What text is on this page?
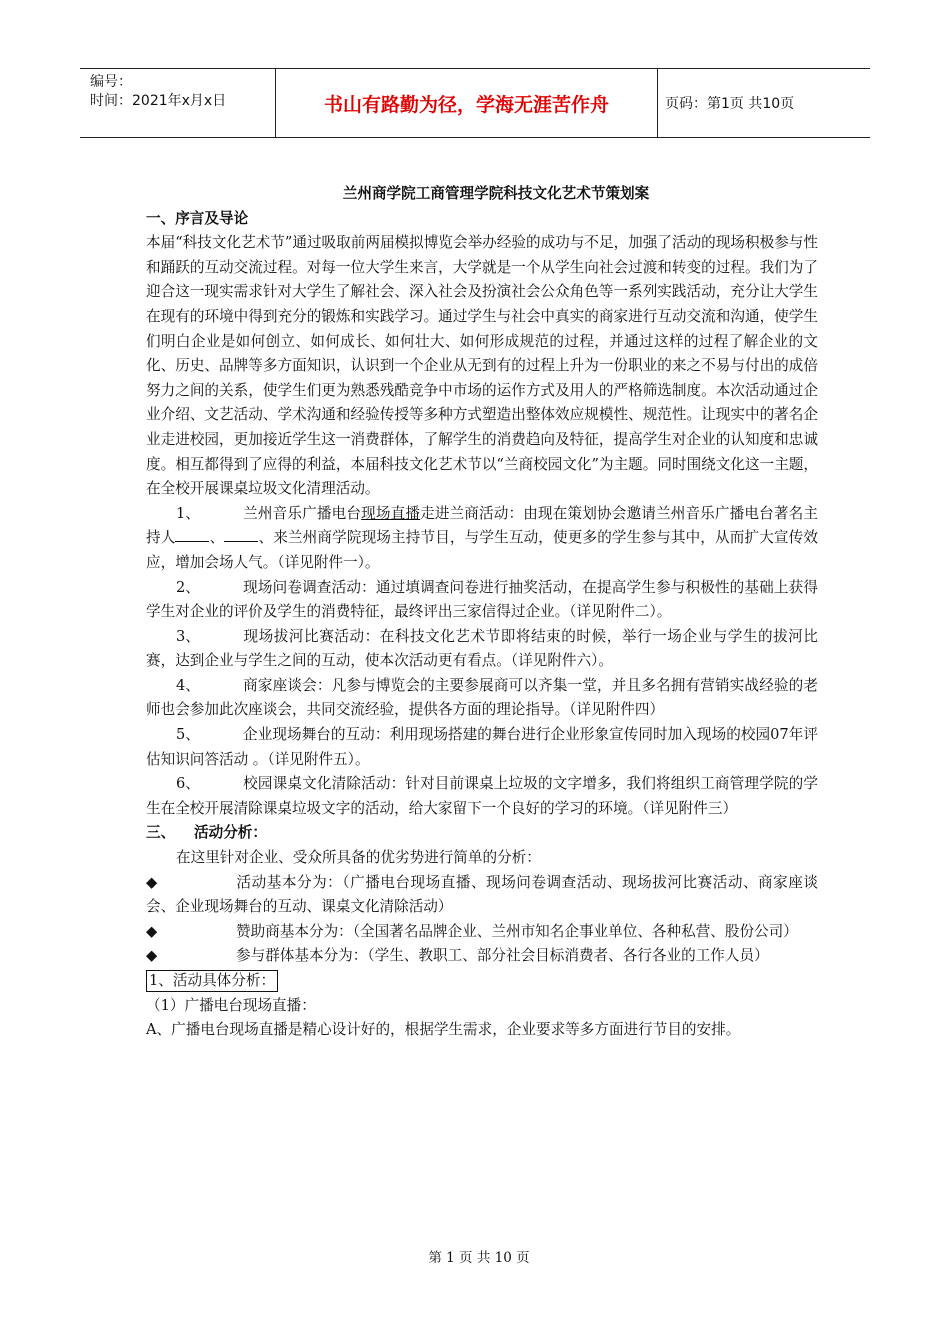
编号：
时间：2021年x月x日	书山有路勤为径，学海无涯苦作舟	页码：第1页 共10页
兰州商学院工商管理学院科技文化艺术节策划案
一、序言及导论

本届“科技文化艺术节”通过吸取前两届模拟博览会举办经验的成功与不足，加强了活动的现场积极参与性和踊跃的互动交流过程。对每一位大学生来言，大学就是一个从学生向社会过渡和转变的过程。我们为了迎合这一现实需求针对大学生了解社会、深入社会及扮演社会公众角色等一系列实践活动，充分让大学生在现有的环境中得到充分的锻炼和实践学习。通过学生与社会中真实的商家进行互动交流和沟通，使学生们明白企业是如何创立、如何成长、如何壮大、如何形成规范的过程，并通过这样的过程了解企业的文化、历史、品牌等多方面知识，认识到一个企业从无到有的过程上升为一份职业的来之不易与付出的成倍努力之间的关系，使学生们更为熟悉残酷竞争中市场的运作方式及用人的严格筛选制度。本次活动通过企业介绍、文艺活动、学术沟通和经验传授等多种方式塑造出整体效应规模性、规范性。让现实中的著名企业走进校园，更加接近学生这一消费群体，了解学生的消费趋向及特征，提高学生对企业的认知度和忠诚度。相互都得到了应得的利益，本届科技文化艺术节以“兰商校园文化”为主题。同时围绕文化这一主题，在全校开展课桌垃圾文化清理活动。

1、	兰州音乐广播电台现场直播走进兰商活动：由现在策划协会邀请兰州音乐广播电台著名主持人 、 、来兰州商学院现场主持节目，与学生互动，使更多的学生参与其中，从而扩大宣传效应，增加会场人气。（详见附件一）。

2、	现场问卷调查活动：通过填调查问卷进行抽奖活动，在提高学生参与积极性的基础上获得学生对企业的评价及学生的消费特征，最终评出三家信得过企业。（详见附件二）。

3、	现场拔河比赛活动：在科技文化艺术节即将结束的时候，举行一场企业与学生的拔河比赛，达到企业与学生之间的互动，使本次活动更有看点。（详见附件六）。

4、	商家座谈会：凡参与博览会的主要参展商可以齐集一堂，并且多名拥有营销实战经验的老师也会参加此次座谈会，共同交流经验，提供各方面的理论指导。（详见附件四）

5、	企业现场舞台的互动：利用现场搭建的舞台进行企业形象宣传同时加入现场的校园07年评估知识问答活动 。（详见附件五）。

6、	校园课桌文化清除活动：针对目前课桌上垃圾的文字增多，我们将组织工商管理学院的学生在全校开展清除课桌垃圾文字的活动，给大家留下一个良好的学习的环境。（详见附件三）

三、 活动分析：

在这里针对企业、受众所具备的优劣势进行简单的分析：

◆	活动基本分为：（广播电台现场直播、现场问卷调查活动、现场拔河比赛活动、商家座谈会、企业现场舞台的互动、课桌文化清除活动）

◆	赞助商基本分为：（全国著名品牌企业、兰州市知名企事业单位、各种私营、股份公司）

◆	参与群体基本分为：（学生、教职工、部分社会目标消费者、各行各业的工作人员）

1、活动具体分析：
（1）广播电台现场直播：

A、广播电台现场直播是精心设计好的，根据学生需求，企业要求等多方面进行节目的安排。

第 1 页 共 10 页
